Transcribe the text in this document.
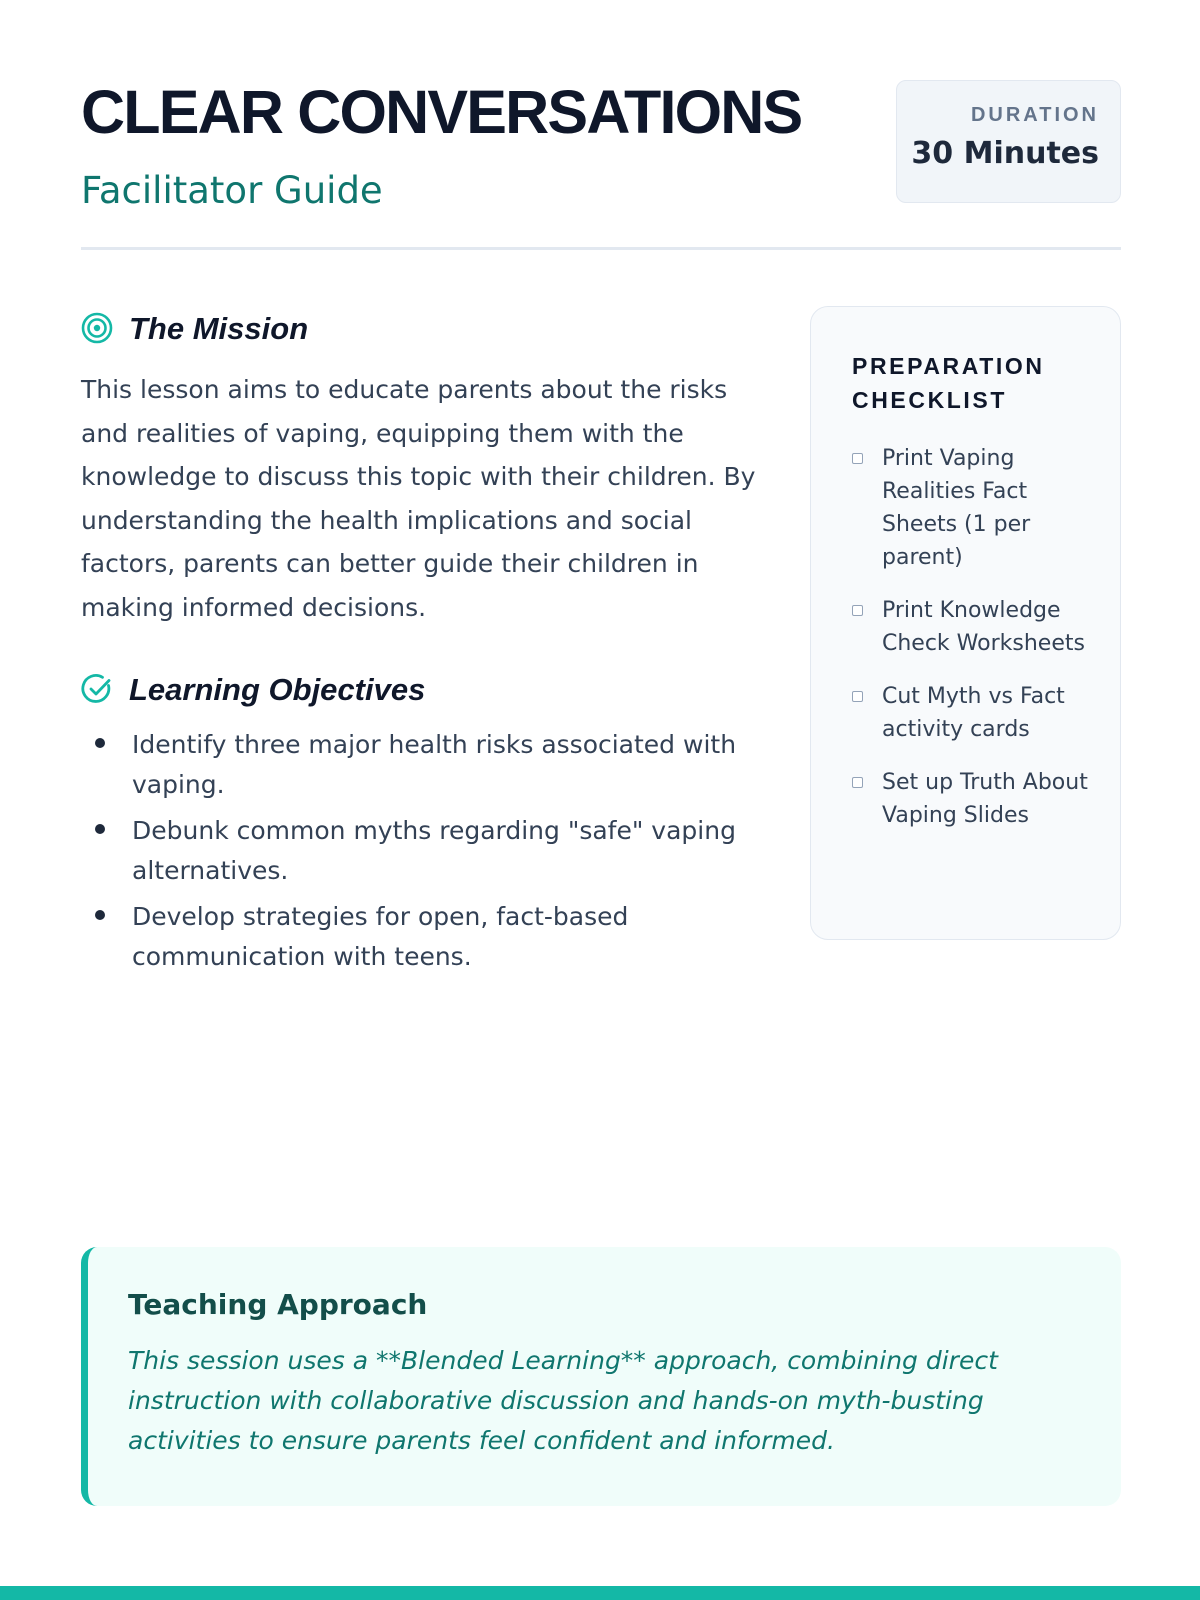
CLEAR CONVERSATIONS
Facilitator Guide
DURATION
30 Minutes
The Mission

This lesson aims to educate parents about the risks and realities of vaping, equipping them with the knowledge to discuss this topic with their children. By understanding the health implications and social factors, parents can better guide their children in making informed decisions.

Learning Objectives
Identify three major health risks associated with vaping.
Debunk common myths regarding "safe" vaping alternatives.
Develop strategies for open, fact-based communication with teens.
PREPARATION CHECKLIST
Print Vaping Realities Fact Sheets (1 per parent)
Print Knowledge Check Worksheets
Cut Myth vs Fact activity cards
Set up Truth About Vaping Slides
Teaching Approach

This session uses a **Blended Learning** approach, combining direct instruction with collaborative discussion and hands-on myth-busting activities to ensure parents feel confident and informed.
